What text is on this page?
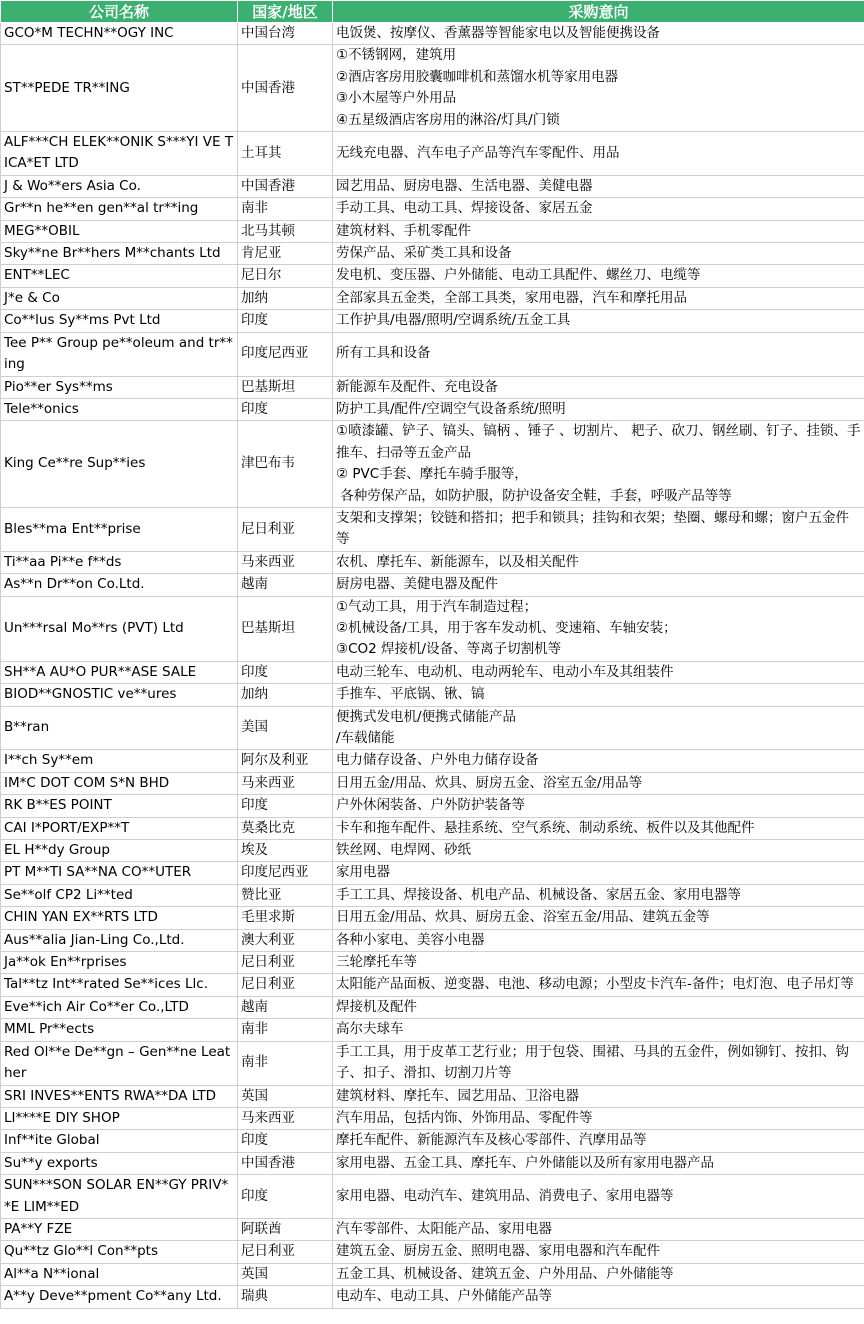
公司名称	国家/地区	采购意向
GCO*M TECHN**OGY INC	中国台湾	电饭煲、按摩仪、香薰器等智能家电以及智能便携设备
ST**PEDE TR**ING	中国香港	①不锈钢网，建筑用
②酒店客房用胶囊咖啡机和蒸馏水机等家用电器
③小木屋等户外用品
④五星级酒店客房用的淋浴/灯具/门锁
ALF***CH ELEK**ONIK S***YI VE TICA*ET LTD	土耳其	无线充电器、汽车电子产品等汽车零配件、用品
J & Wo**ers Asia Co.	中国香港	园艺用品、厨房电器、生活电器、美健电器
Gr**n he**en gen**al tr**ing	南非	手动工具、电动工具、焊接设备、家居五金
MEG**OBIL	北马其顿	建筑材料、手机零配件
Sky**ne Br**hers M**chants Ltd	肯尼亚	劳保产品、采矿类工具和设备
ENT**LEC	尼日尔	发电机、变压器、户外储能、电动工具配件、螺丝刀、电缆等
J*e & Co	加纳	全部家具五金类，全部工具类，家用电器，汽车和摩托用品
Co**lus Sy**ms Pvt Ltd	印度	工作护具/电器/照明/空调系统/五金工具
Tee P** Group pe**oleum and tr**ing	印度尼西亚	所有工具和设备
Pio**er Sys**ms	巴基斯坦	新能源车及配件、充电设备
Tele**onics	印度	防护工具/配件/空调空气设备系统/照明
King Ce**re Sup**ies	津巴布韦	①喷漆罐、铲子、镐头、镐柄 、锤子 、切割片、 耙子、砍刀、钢丝刷、钉子、挂锁、手推车、扫帚等五金产品
② PVC手套、摩托车骑手服等，
各种劳保产品，如防护服，防护设备安全鞋，手套，呼吸产品等等
Bles**ma Ent**prise	尼日利亚	支架和支撑架；铰链和搭扣；把手和锁具；挂钩和衣架；垫圈、螺母和螺；窗户五金件等
Ti**aa Pi**e f**ds	马来西亚	农机、摩托车、新能源车，以及相关配件
As**n Dr**on Co.Ltd.	越南	厨房电器、美健电器及配件
Un***rsal Mo**rs (PVT) Ltd	巴基斯坦	①气动工具，用于汽车制造过程；
②机械设备/工具，用于客车发动机、变速箱、车轴安装；
③CO2 焊接机/设备、等离子切割机等
SH**A AU*O PUR**ASE SALE	印度	电动三轮车、电动机、电动两轮车、电动小车及其组装件
BIOD**GNOSTIC ve**ures	加纳	手推车、平底锅、锹、镐
B**ran	美国	便携式发电机/便携式储能产品
/车载储能
I**ch Sy**em	阿尔及利亚	电力储存设备、户外电力储存设备
IM*C DOT COM S*N BHD	马来西亚	日用五金/用品、炊具、厨房五金、浴室五金/用品等
RK B**ES POINT	印度	户外休闲装备、户外防护装备等
CAI I*PORT/EXP**T	莫桑比克	卡车和拖车配件、悬挂系统、空气系统、制动系统、板件以及其他配件
EL H**dy Group	埃及	铁丝网、电焊网、砂纸
PT M**TI SA**NA CO**UTER	印度尼西亚	家用电器
Se**olf CP2 Li**ted	赞比亚	手工工具、焊接设备、机电产品、机械设备、家居五金、家用电器等
CHIN YAN EX**RTS LTD	毛里求斯	日用五金/用品、炊具、厨房五金、浴室五金/用品、建筑五金等
Aus**alia Jian-Ling Co.,Ltd.	澳大利亚	各种小家电、美容小电器
Ja**ok En**rprises	尼日利亚	三轮摩托车等
Tal**tz Int**rated Se**ices Llc.	尼日利亚	太阳能产品面板、逆变器、电池、移动电源；小型皮卡汽车-备件；电灯泡、电子吊灯等
Eve**ich Air Co**er Co.,LTD	越南	焊接机及配件
MML Pr**ects	南非	高尔夫球车
Red Ol**e De**gn – Gen**ne Leather	南非	手工工具，用于皮革工艺行业；用于包袋、围裙、马具的五金件，例如铆钉、按扣、钩子、扣子、滑扣、切割刀片等
SRI INVES**ENTS RWA**DA LTD	英国	建筑材料、摩托车、园艺用品、卫浴电器
LI****E DIY SHOP	马来西亚	汽车用品，包括内饰、外饰用品、零配件等
Inf**ite Global	印度	摩托车配件、新能源汽车及核心零部件、汽摩用品等
Su**y exports	中国香港	家用电器、五金工具、摩托车、户外储能以及所有家用电器产品
SUN***SON SOLAR EN**GY PRIV**E LIM**ED	印度	家用电器、电动汽车、建筑用品、消费电子、家用电器等
PA**Y FZE	阿联酋	汽车零部件、太阳能产品、家用电器
Qu**tz Glo**l Con**pts	尼日利亚	建筑五金、厨房五金、照明电器、家用电器和汽车配件
Al**a N**ional	英国	五金工具、机械设备、建筑五金、户外用品、户外储能等
A**y Deve**pment Co**any Ltd.	瑞典	电动车、电动工具、户外储能产品等
